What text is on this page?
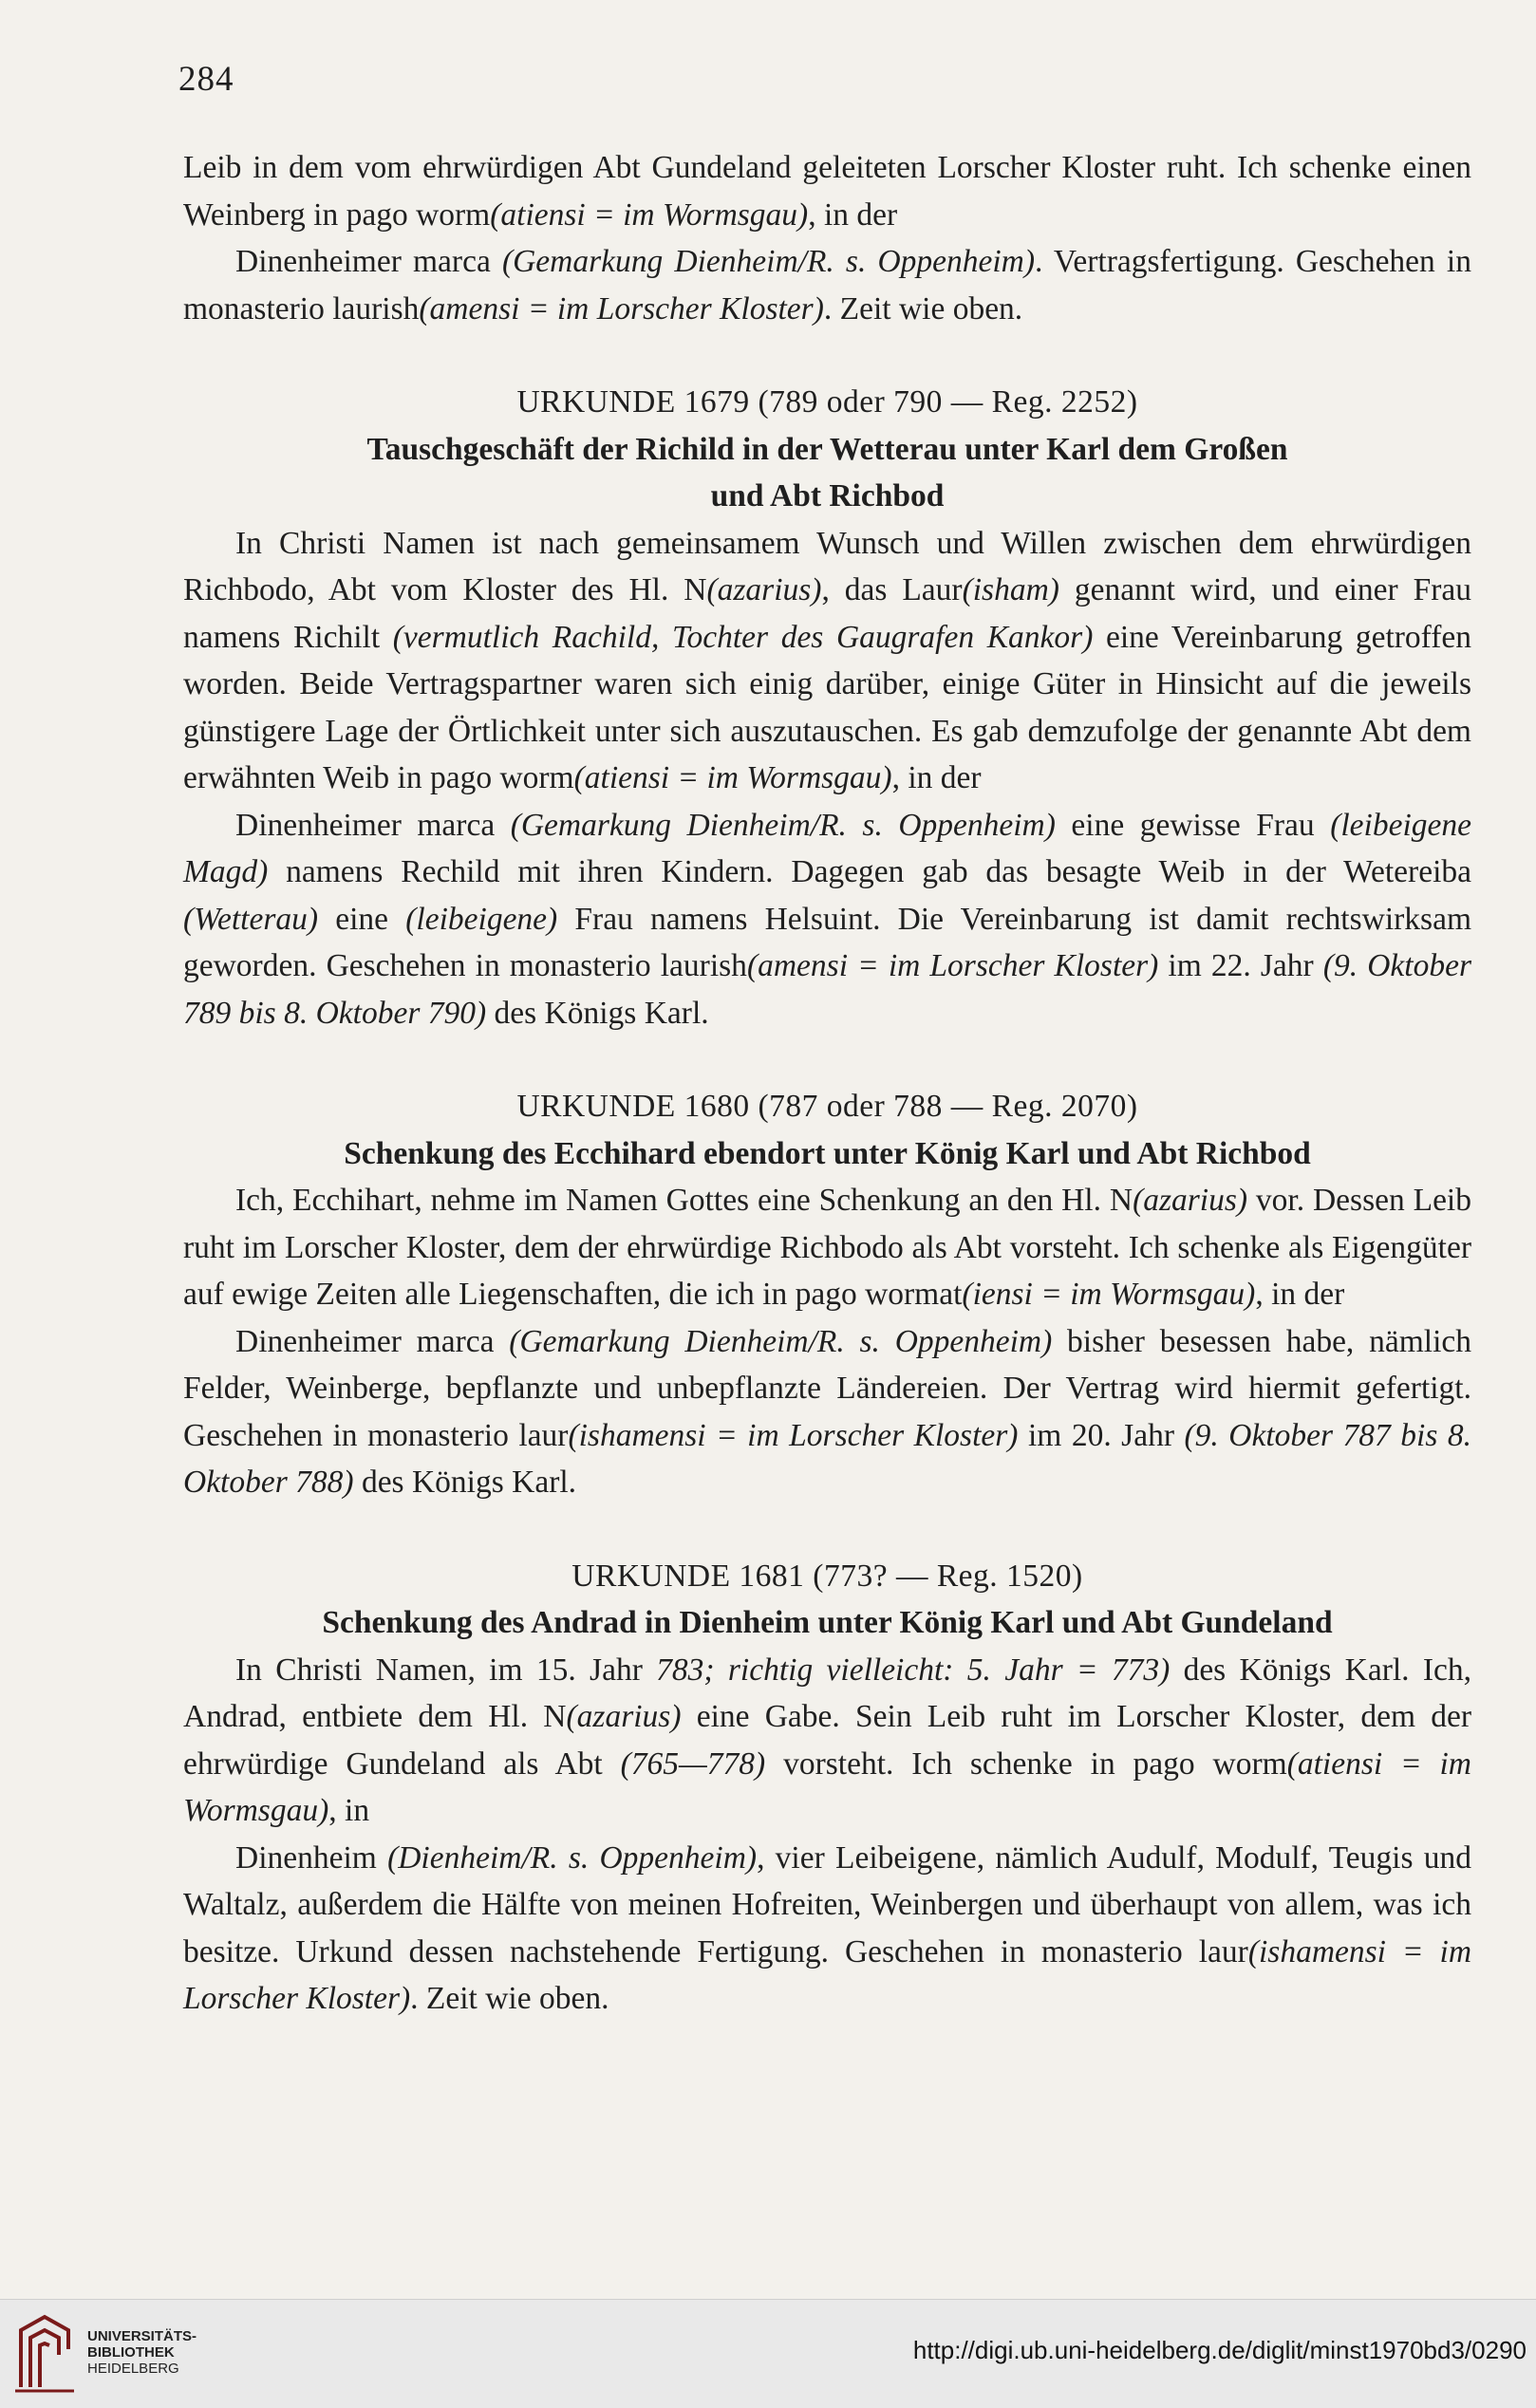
284

Leib in dem vom ehrwürdigen Abt Gundeland geleiteten Lorscher Kloster ruht. Ich schenke einen Weinberg in pago worm(atiensi = im Wormsgau), in der

Dinenheimer marca (Gemarkung Dienheim/R. s. Oppenheim). Vertragsfertigung. Geschehen in monasterio laurish(amensi = im Lorscher Kloster). Zeit wie oben.

URKUNDE 1679 (789 oder 790 — Reg. 2252)
Tauschgeschäft der Richild in der Wetterau unter Karl dem Großen
und Abt Richbod

In Christi Namen ist nach gemeinsamem Wunsch und Willen zwischen dem ehrwürdigen Richbodo, Abt vom Kloster des Hl. N(azarius), das Laur(isham) genannt wird, und einer Frau namens Richilt (vermutlich Rachild, Tochter des Gaugrafen Kankor) eine Vereinbarung getroffen worden. Beide Vertragspartner waren sich einig darüber, einige Güter in Hinsicht auf die jeweils günstigere Lage der Örtlichkeit unter sich auszutauschen. Es gab demzufolge der genannte Abt dem erwähnten Weib in pago worm(atiensi = im Wormsgau), in der

Dinenheimer marca (Gemarkung Dienheim/R. s. Oppenheim) eine gewisse Frau (leibeigene Magd) namens Rechild mit ihren Kindern. Dagegen gab das besagte Weib in der Wetereiba (Wetterau) eine (leibeigene) Frau namens Helsuint. Die Vereinbarung ist damit rechtswirksam geworden. Geschehen in monasterio laurish(amensi = im Lorscher Kloster) im 22. Jahr (9. Oktober 789 bis 8. Oktober 790) des Königs Karl.

URKUNDE 1680 (787 oder 788 — Reg. 2070)
Schenkung des Ecchihard ebendort unter König Karl und Abt Richbod

Ich, Ecchihart, nehme im Namen Gottes eine Schenkung an den Hl. N(azarius) vor. Dessen Leib ruht im Lorscher Kloster, dem der ehrwürdige Richbodo als Abt vorsteht. Ich schenke als Eigengüter auf ewige Zeiten alle Liegenschaften, die ich in pago wormat(iensi = im Wormsgau), in der

Dinenheimer marca (Gemarkung Dienheim/R. s. Oppenheim) bisher besessen habe, nämlich Felder, Weinberge, bepflanzte und unbepflanzte Ländereien. Der Vertrag wird hiermit gefertigt. Geschehen in monasterio laur(ishamensi = im Lorscher Kloster) im 20. Jahr (9. Oktober 787 bis 8. Oktober 788) des Königs Karl.

URKUNDE 1681 (773? — Reg. 1520)
Schenkung des Andrad in Dienheim unter König Karl und Abt Gundeland

In Christi Namen, im 15. Jahr 783; richtig vielleicht: 5. Jahr = 773) des Königs Karl. Ich, Andrad, entbiete dem Hl. N(azarius) eine Gabe. Sein Leib ruht im Lorscher Kloster, dem der ehrwürdige Gundeland als Abt (765—778) vorsteht. Ich schenke in pago worm(atiensi = im Wormsgau), in

Dinenheim (Dienheim/R. s. Oppenheim), vier Leibeigene, nämlich Audulf, Modulf, Teugis und Waltalz, außerdem die Hälfte von meinen Hofreiten, Weinbergen und überhaupt von allem, was ich besitze. Urkund dessen nachstehende Fertigung. Geschehen in monasterio laur(ishamensi = im Lorscher Kloster). Zeit wie oben.

UNIVERSITÄTS-
BIBLIOTHEK
HEIDELBERG
http://digi.ub.uni-heidelberg.de/diglit/minst1970bd3/0290
